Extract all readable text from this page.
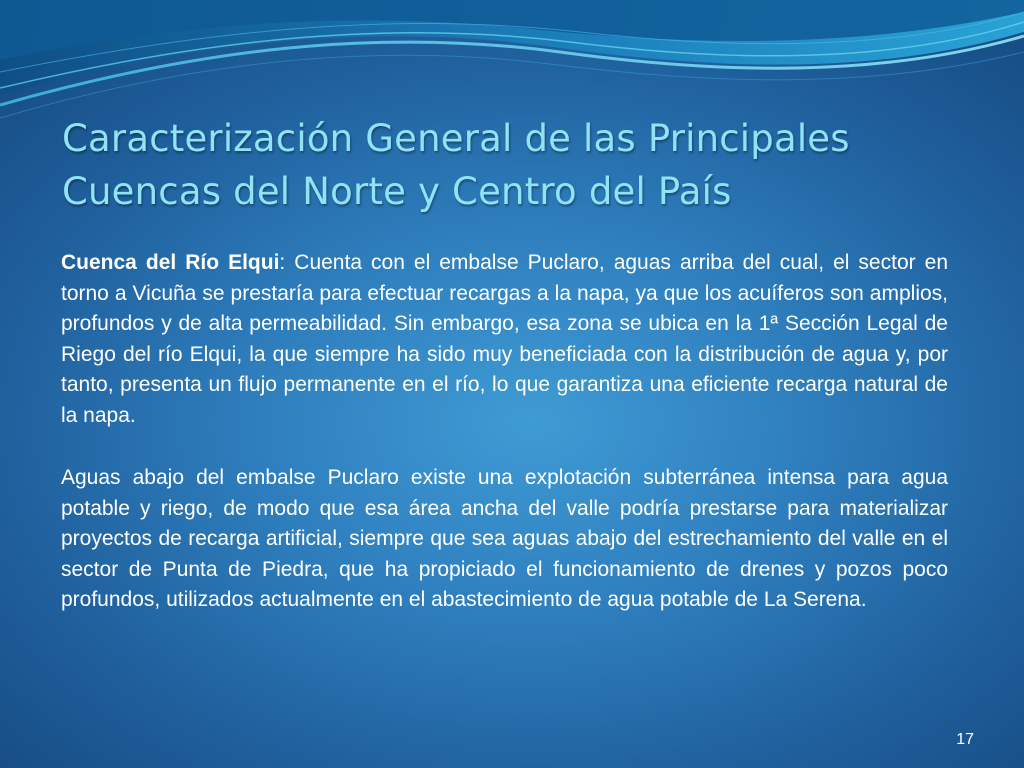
Caracterización General de las Principales
Cuencas del Norte y Centro del País

Cuenca del Río Elqui: Cuenta con el embalse Puclaro, aguas arriba del cual, el sector en torno a Vicuña se prestaría para efectuar recargas a la napa, ya que los acuíferos son amplios, profundos y de alta permeabilidad. Sin embargo, esa zona se ubica en la 1ª Sección Legal de Riego del río Elqui, la que siempre ha sido muy beneficiada con la distribución de agua y, por tanto, presenta un flujo permanente en el río, lo que garantiza una eficiente recarga natural de la napa.

Aguas abajo del embalse Puclaro existe una explotación subterránea intensa para agua potable y riego, de modo que esa área ancha del valle podría prestarse para materializar proyectos de recarga artificial, siempre que sea aguas abajo del estrechamiento del valle en el sector de Punta de Piedra, que ha propiciado el funcionamiento de drenes y pozos poco profundos, utilizados actualmente en el abastecimiento de agua potable de La Serena.

17
